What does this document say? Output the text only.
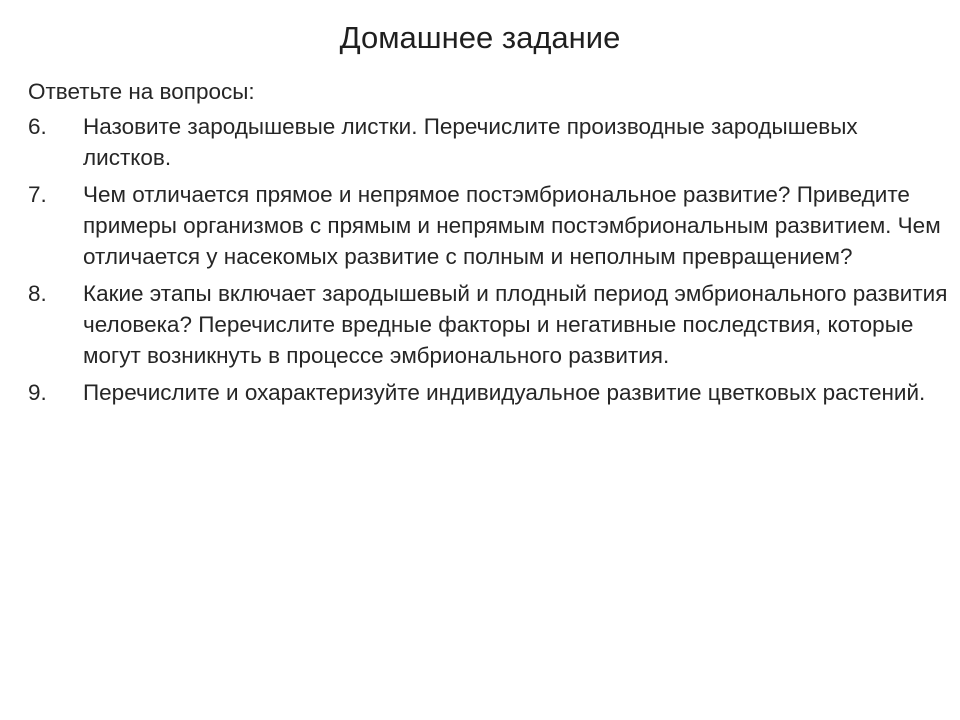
Домашнее задание

Ответьте на вопросы:

6.	Назовите зародышевые листки. Перечислите производные зародышевых листков.
7.	Чем отличается прямое и непрямое постэмбриональное развитие? Приведите примеры организмов с прямым и непрямым постэмбриональным развитием. Чем отличается у насекомых развитие с полным и неполным превращением?
8.	Какие этапы включает зародышевый и плодный период эмбрионального развития человека? Перечислите вредные факторы и негативные последствия, которые могут возникнуть в процессе эмбрионального развития.
9.	Перечислите и охарактеризуйте индивидуальное развитие цветковых растений.
